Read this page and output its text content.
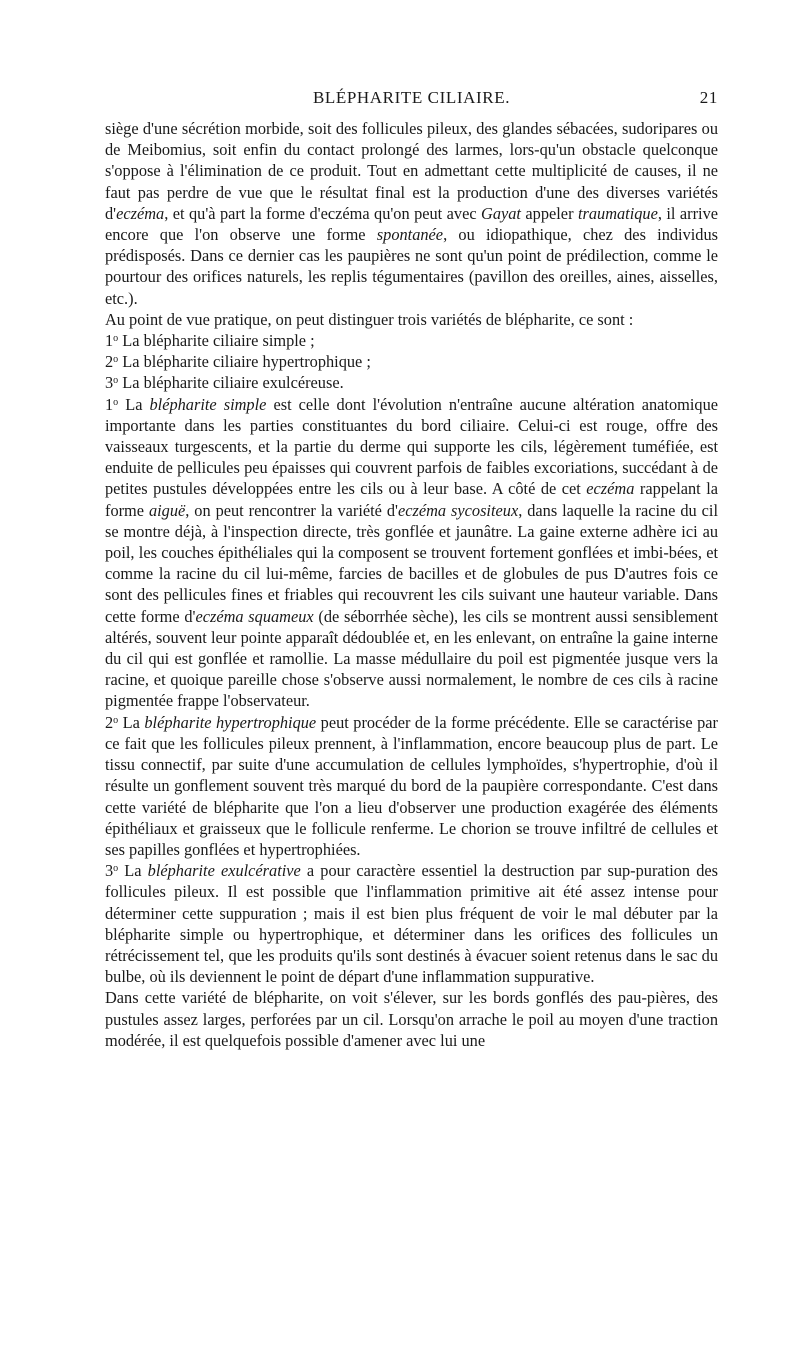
BLÉPHARITE CILIAIRE.	21

siège d'une sécrétion morbide, soit des follicules pileux, des glandes sébacées, sudoripares ou de Meibomius, soit enfin du contact prolongé des larmes, lors-qu'un obstacle quelconque s'oppose à l'élimination de ce produit. Tout en admettant cette multiplicité de causes, il ne faut pas perdre de vue que le résultat final est la production d'une des diverses variétés d'eczéma, et qu'à part la forme d'eczéma qu'on peut avec Gayat appeler traumatique, il arrive encore que l'on observe une forme spontanée, ou idiopathique, chez des individus prédisposés. Dans ce dernier cas les paupières ne sont qu'un point de prédilection, comme le pourtour des orifices naturels, les replis tégumentaires (pavillon des oreilles, aines, aisselles, etc.).

Au point de vue pratique, on peut distinguer trois variétés de blépharite, ce sont :

1$^o$ La blépharite ciliaire simple ;

2$^o$ La blépharite ciliaire hypertrophique ;

3$^o$ La blépharite ciliaire exulcéreuse.

1$^o$ La blépharite simple est celle dont l'évolution n'entraîne aucune altération anatomique importante dans les parties constituantes du bord ciliaire. Celui-ci est rouge, offre des vaisseaux turgescents, et la partie du derme qui supporte les cils, légèrement tuméfiée, est enduite de pellicules peu épaisses qui couvrent parfois de faibles excoriations, succédant à de petites pustules développées entre les cils ou à leur base. A côté de cet eczéma rappelant la forme aiguë, on peut rencontrer la variété d'eczéma sycositeux, dans laquelle la racine du cil se montre déjà, à l'inspection directe, très gonflée et jaunâtre. La gaine externe adhère ici au poil, les couches épithéliales qui la composent se trouvent fortement gonflées et imbi-bées, et comme la racine du cil lui-même, farcies de bacilles et de globules de pus D'autres fois ce sont des pellicules fines et friables qui recouvrent les cils suivant une hauteur variable. Dans cette forme d'eczéma squameux (de séborrhée sèche), les cils se montrent aussi sensiblement altérés, souvent leur pointe apparaît dédoublée et, en les enlevant, on entraîne la gaine interne du cil qui est gonflée et ramollie. La masse médullaire du poil est pigmentée jusque vers la racine, et quoique pareille chose s'observe aussi normalement, le nombre de ces cils à racine pigmentée frappe l'observateur.

2$^o$ La blépharite hypertrophique peut procéder de la forme précédente. Elle se caractérise par ce fait que les follicules pileux prennent, à l'inflammation, encore beaucoup plus de part. Le tissu connectif, par suite d'une accumulation de cellules lymphoïdes, s'hypertrophie, d'où il résulte un gonflement souvent très marqué du bord de la paupière correspondante. C'est dans cette variété de blépharite que l'on a lieu d'observer une production exagérée des éléments épithéliaux et graisseux que le follicule renferme. Le chorion se trouve infiltré de cellules et ses papilles gonflées et hypertrophiées.

3$^o$ La blépharite exulcérative a pour caractère essentiel la destruction par sup-puration des follicules pileux. Il est possible que l'inflammation primitive ait été assez intense pour déterminer cette suppuration ; mais il est bien plus fréquent de voir le mal débuter par la blépharite simple ou hypertrophique, et déterminer dans les orifices des follicules un rétrécissement tel, que les produits qu'ils sont destinés à évacuer soient retenus dans le sac du bulbe, où ils deviennent le point de départ d'une inflammation suppurative.

Dans cette variété de blépharite, on voit s'élever, sur les bords gonflés des pau-pières, des pustules assez larges, perforées par un cil. Lorsqu'on arrache le poil au moyen d'une traction modérée, il est quelquefois possible d'amener avec lui une
